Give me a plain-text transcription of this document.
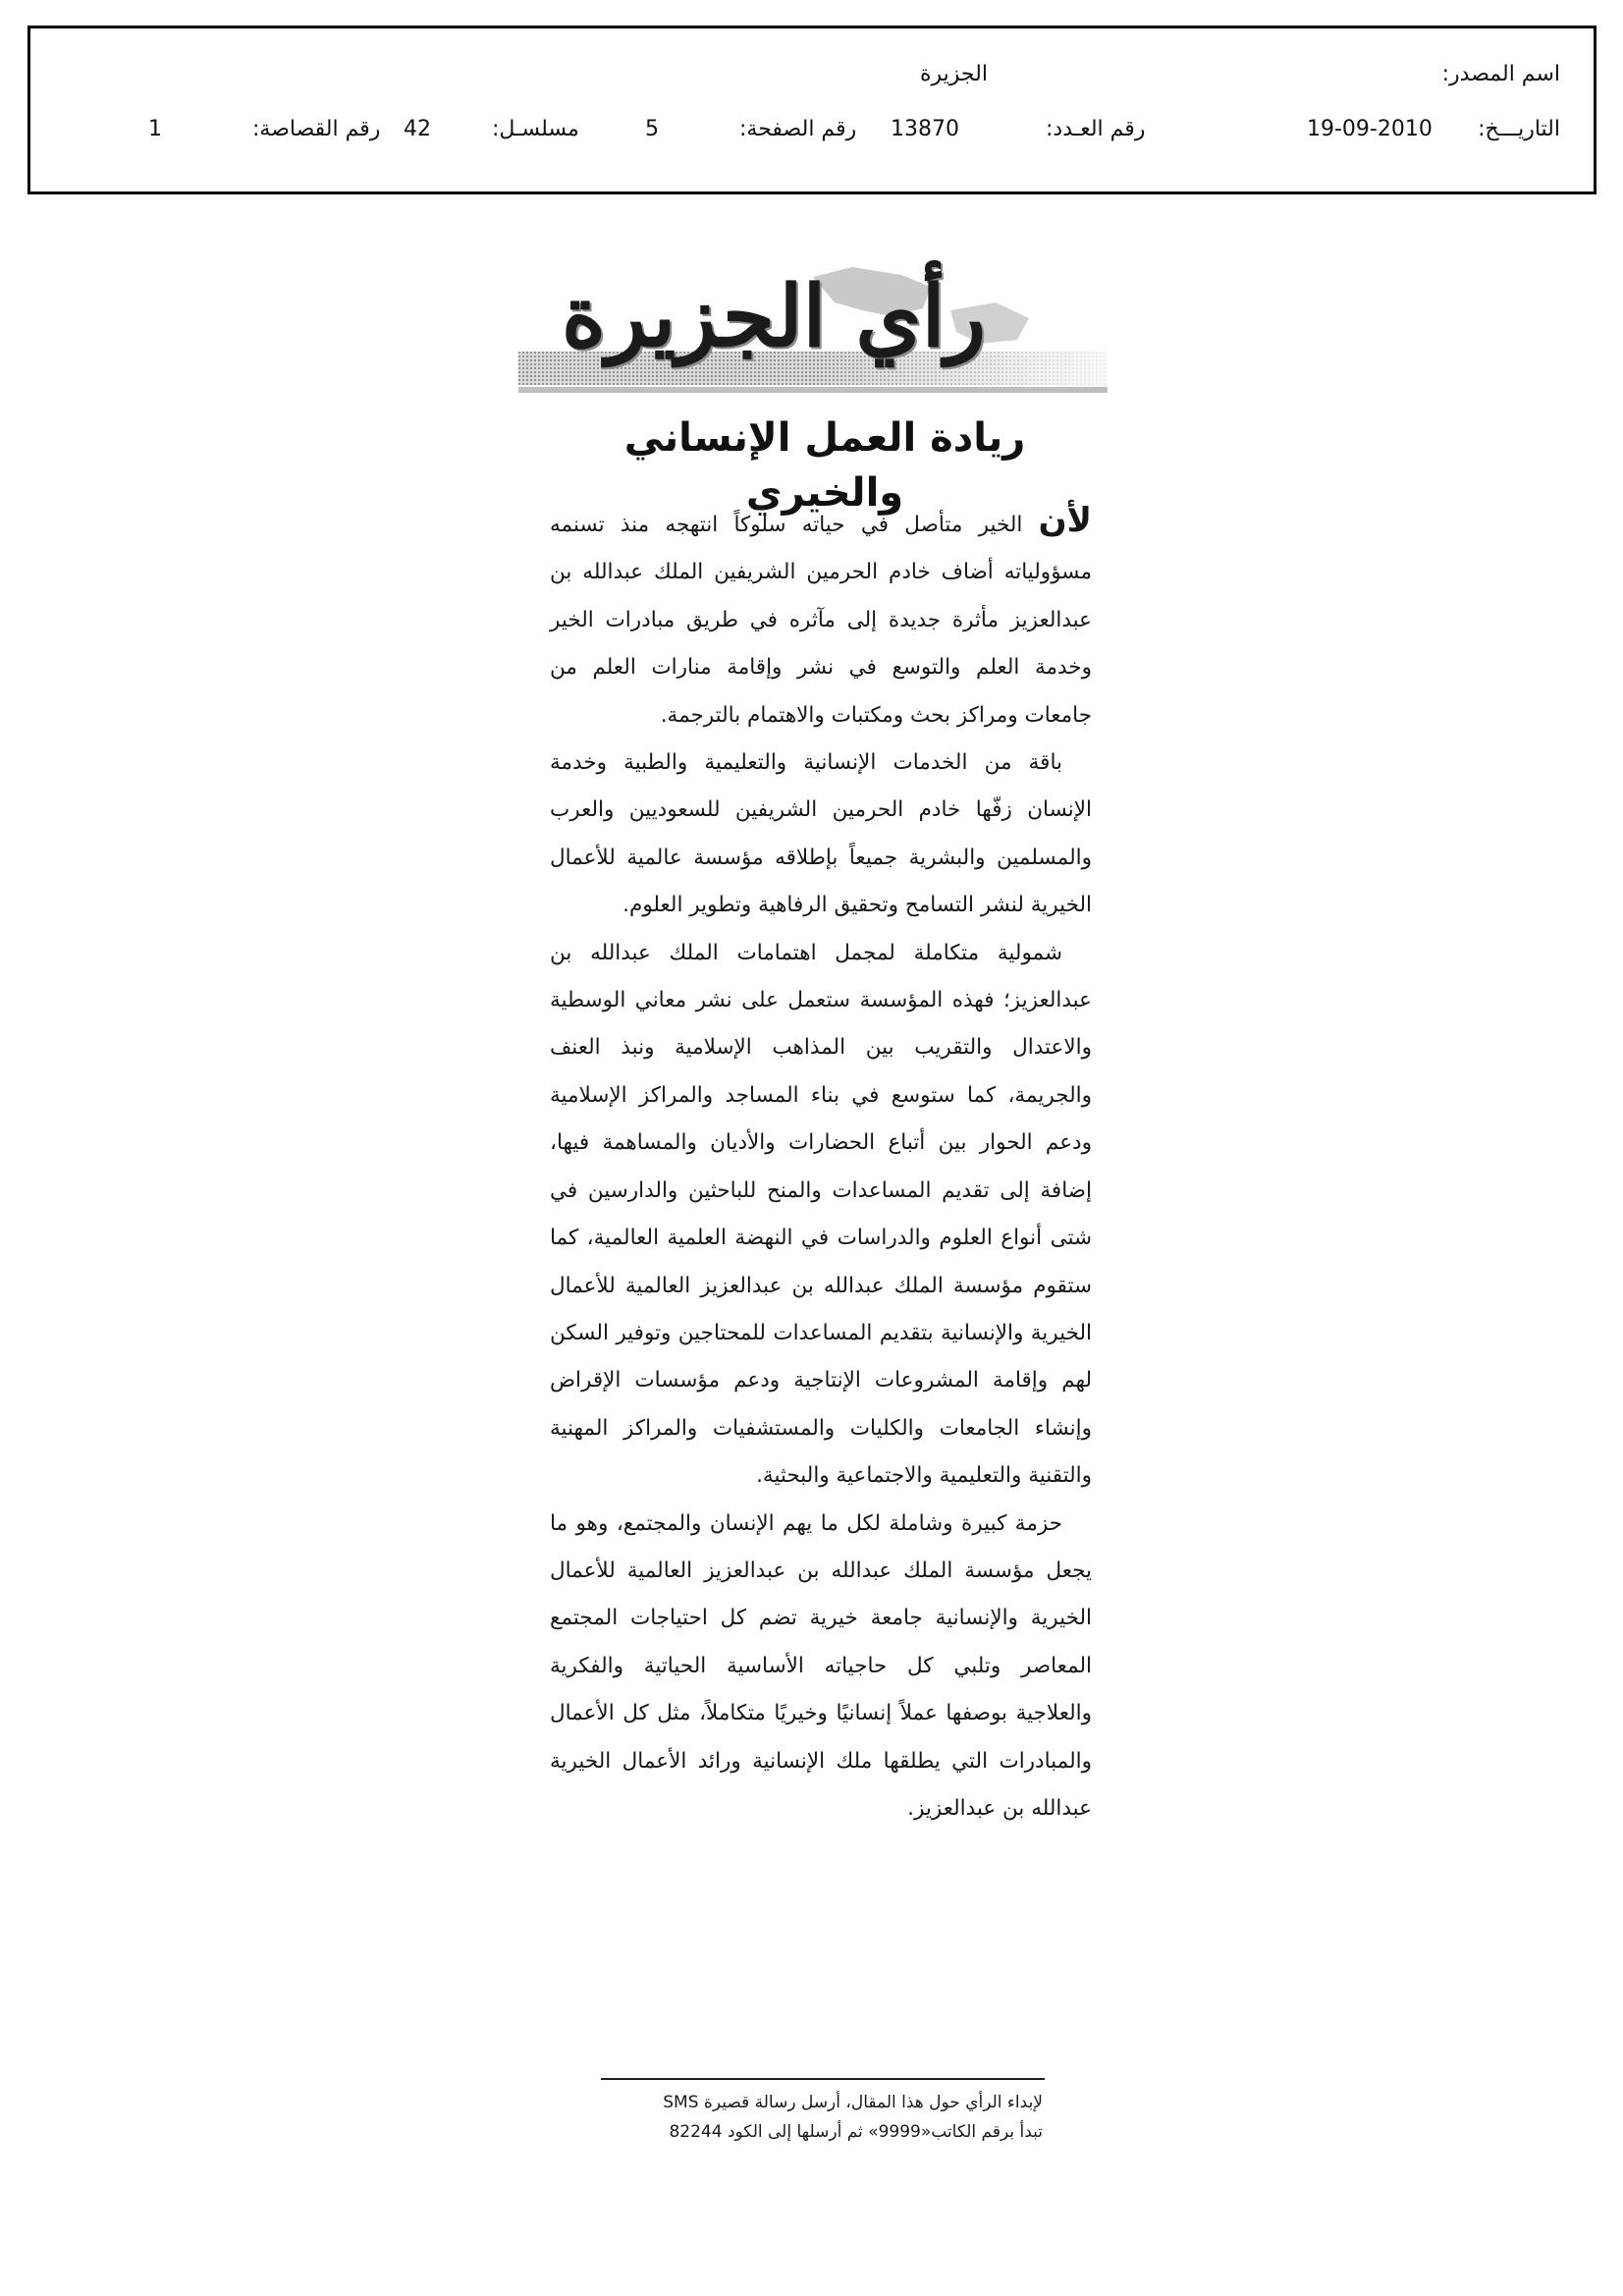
اسم المصدر:
الجزيرة
التاريـــخ:
19-09-2010
رقم العـدد:
13870
رقم الصفحة:
5
مسلسـل:
42
رقم القصاصة:
1
رأي الجزيرة
ريادة العمل الإنساني والخيري

لأن الخير متأصل في حياته سلوكاً انتهجه منذ تسنمه مسؤولياته أضاف خادم الحرمين الشريفين الملك عبدالله بن عبدالعزيز مأثرة جديدة إلى مآثره في طريق مبادرات الخير وخدمة العلم والتوسع في نشر وإقامة منارات العلم من جامعات ومراكز بحث ومكتبات والاهتمام بالترجمة.

باقة من الخدمات الإنسانية والتعليمية والطبية وخدمة الإنسان زفّها خادم الحرمين الشريفين للسعوديين والعرب والمسلمين والبشرية جميعاً بإطلاقه مؤسسة عالمية للأعمال الخيرية لنشر التسامح وتحقيق الرفاهية وتطوير العلوم.

شمولية متكاملة لمجمل اهتمامات الملك عبدالله بن عبدالعزيز؛ فهذه المؤسسة ستعمل على نشر معاني الوسطية والاعتدال والتقريب بين المذاهب الإسلامية ونبذ العنف والجريمة، كما ستوسع في بناء المساجد والمراكز الإسلامية ودعم الحوار بين أتباع الحضارات والأديان والمساهمة فيها، إضافة إلى تقديم المساعدات والمنح للباحثين والدارسين في شتى أنواع العلوم والدراسات في النهضة العلمية العالمية، كما ستقوم مؤسسة الملك عبدالله بن عبدالعزيز العالمية للأعمال الخيرية والإنسانية بتقديم المساعدات للمحتاجين وتوفير السكن لهم وإقامة المشروعات الإنتاجية ودعم مؤسسات الإقراض وإنشاء الجامعات والكليات والمستشفيات والمراكز المهنية والتقنية والتعليمية والاجتماعية والبحثية.

حزمة كبيرة وشاملة لكل ما يهم الإنسان والمجتمع، وهو ما يجعل مؤسسة الملك عبدالله بن عبدالعزيز العالمية للأعمال الخيرية والإنسانية جامعة خيرية تضم كل احتياجات المجتمع المعاصر وتلبي كل حاجياته الأساسية الحياتية والفكرية والعلاجية بوصفها عملاً إنسانيًا وخيريًا متكاملاً، مثل كل الأعمال والمبادرات التي يطلقها ملك الإنسانية ورائد الأعمال الخيرية عبدالله بن عبدالعزيز.

لإبداء الرأي حول هذا المقال، أرسل رسالة قصيرة SMS
تبدأ برقم الكاتب«9999» ثم أرسلها إلى الكود 82244
